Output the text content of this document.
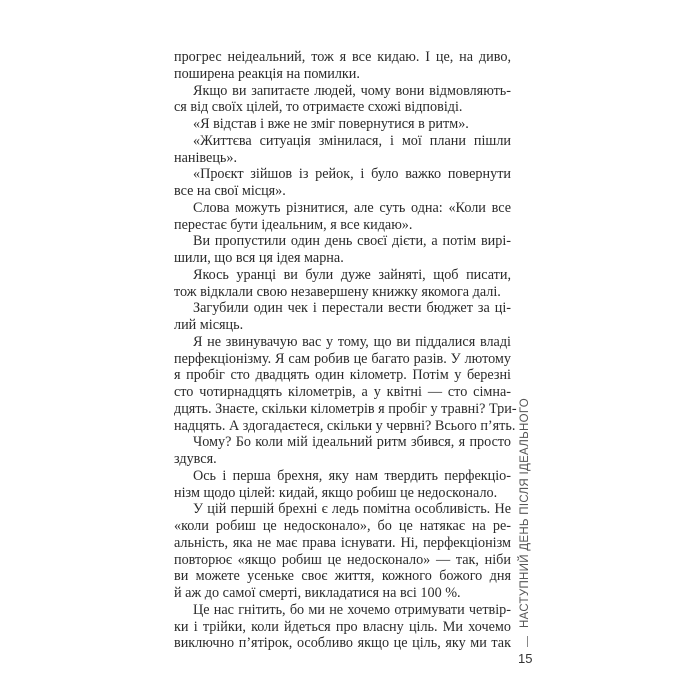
прогрес неідеальний, тож я все кидаю. І це, на диво,
поширена реакція на помилки.
Якщо ви запитаєте людей, чому вони відмовляють-
ся від своїх цілей, то отримаєте схожі відповіді.
«Я відстав і вже не зміг повернутися в ритм».
«Життєва ситуація змінилася, і мої плани пішли
нанівець».
«Проєкт зійшов із рейок, і було важко повернути
все на свої місця».
Слова можуть різнитися, але суть одна: «Коли все
перестає бути ідеальним, я все кидаю».
Ви пропустили один день своєї дієти, а потім вирі-
шили, що вся ця ідея марна.
Якось уранці ви були дуже зайняті, щоб писати,
тож відклали свою незавершену книжку якомога далі.
Загубили один чек і перестали вести бюджет за ці-
лий місяць.
Я не звинувачую вас у тому, що ви піддалися владі
перфекціонізму. Я сам робив це багато разів. У лютому
я пробіг сто двадцять один кілометр. Потім у березні
сто чотирнадцять кілометрів, а у квітні — сто сімна-
дцять. Знаєте, скільки кілометрів я пробіг у травні? Три-
надцять. А здогадаєтеся, скільки у червні? Всього п’ять.
Чому? Бо коли мій ідеальний ритм збився, я просто
здувся.
Ось і перша брехня, яку нам твердить перфекціо-
нізм щодо цілей: кидай, якщо робиш це недосконало.
У цій першій брехні є ледь помітна особливість. Не
«коли робиш це недосконало», бо це натякає на ре-
альність, яка не має права існувати. Ні, перфекціонізм
повторює «якщо робиш це недосконало» — так, ніби
ви можете усеньке своє життя, кожного божого дня
й аж до самої смерті, викладатися на всі 100 %.
Це нас гнітить, бо ми не хочемо отримувати четвір-
ки і трійки, коли йдеться про власну ціль. Ми хочемо
виключно п’ятірок, особливо якщо це ціль, яку ми так
НАСТУПНИЙ ДЕНЬ ПІСЛЯ ІДЕАЛЬНОГО
15
